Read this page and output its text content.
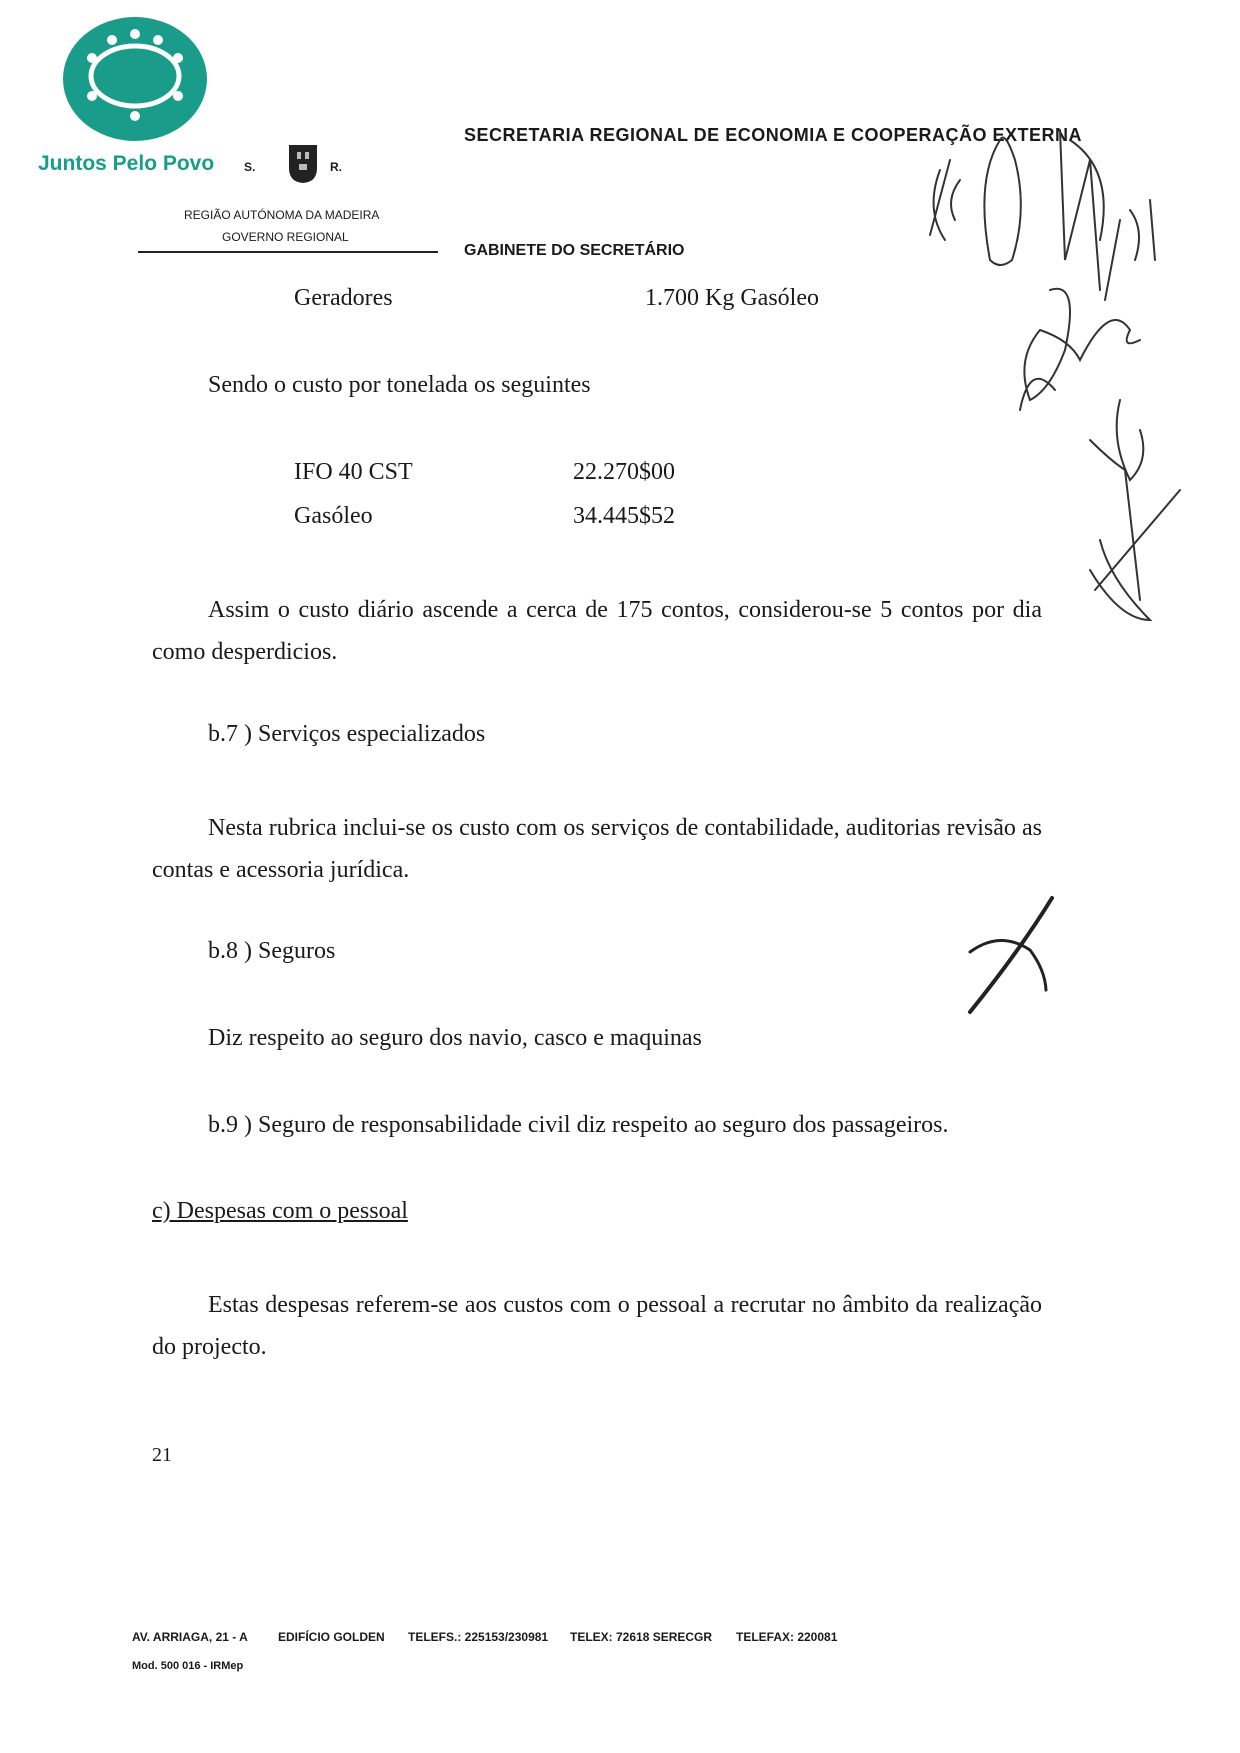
Juntos Pelo Povo S.	R.
REGIÃO AUTÓNOMA DA MADEIRA
GOVERNO REGIONAL
SECRETARIA REGIONAL DE ECONOMIA E COOPERAÇÃO EXTERNA
GABINETE DO SECRETÁRIO
Geradores	1.700 Kg Gasóleo
Sendo o custo por tonelada os seguintes
IFO 40 CST	22.270$00
Gasóleo	34.445$52
Assim o custo diário ascende a cerca de 175 contos, considerou-se 5 contos por dia como desperdicios.
b.7 ) Serviços especializados
Nesta rubrica inclui-se os custo com os serviços de contabilidade, auditorias revisão as contas e acessoria jurídica.
b.8 ) Seguros
Diz respeito ao seguro dos navio, casco e maquinas
b.9 ) Seguro de responsabilidade civil diz respeito ao seguro dos passageiros.
c) Despesas com o pessoal
Estas despesas referem-se aos custos com o pessoal a recrutar no âmbito da realização do projecto.
21
AV. ARRIAGA, 21 - A	EDIFÍCIO GOLDEN TELEFS.: 225153/230981 TELEX: 72618 SERECGR TELEFAX: 220081
Mod. 500 016 - IRMep
